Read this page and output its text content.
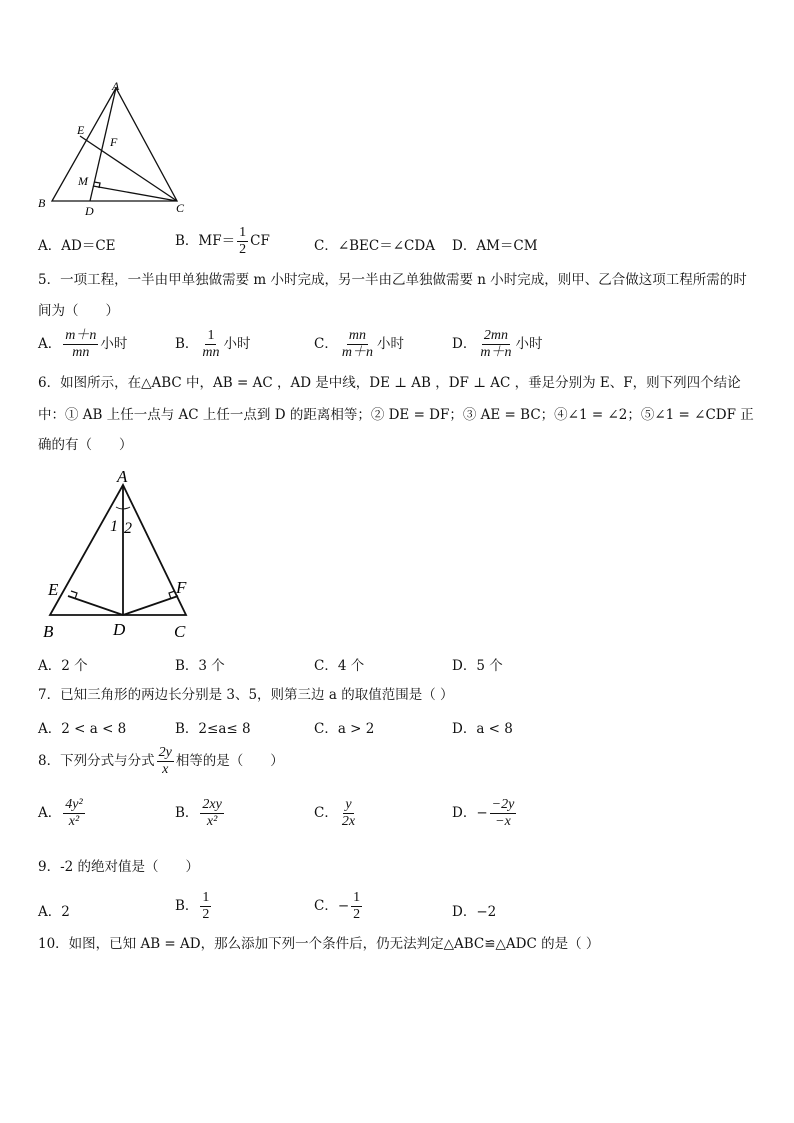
A
E
F
M
B
D	C
A．AD＝CE	B．$MF= \frac{1}{2}$ CF	C．∠BEC＝∠CDA D．AM＝CM
5．一项工程，一半由甲单独做需要 m 小时完成，另一半由乙单独做需要 n 小时完成，则甲、乙合做这项工程所需的时
间为（　　）
A． $\frac{m+n}{mn}$ 小时	B． $\frac{1}{mn}$ 小时	C． $\frac{mn}{m+n}$ 小时	D． $\frac{2mn}{m+n}$ 小时
6．如图所示，在△ABC 中，AB = AC ，AD 是中线，DE ⊥ AB ，DF ⊥ AC ，垂足分别为 E、F，则下列四个结论
中：① AB 上任一点与 AC 上任一点到 D 的距离相等；② DE = DF；③ AE = BC；④∠1 = ∠2；⑤∠1 = ∠CDF 正
确的有（　　）
A
1 2
E	F
B	D	C
A．2 个	B．3 个	C．4 个	D．5 个
7．已知三角形的两边长分别是 3、5，则第三边 a 的取值范围是（ ）
A．2 < a < 8	B．2≤a≤ 8	C．a > 2	D．a < 8
8．下列分式与分式 $\frac{2y}{x}$ 相等的是（　　）
A． $\frac{\text{4y²}}{\text{x²}}$	B． $\frac{2xy}{\text{x²}}$	C． $\frac{y}{2x}$	D．− $\frac{-2y}{-x}$
9．-2 的绝对值是（　　）
A．2	B． $\frac{1}{2}$	C．− $\frac{1}{2}$	D．−2
10．如图，已知 AB = AD，那么添加下列一个条件后，仍无法判定△ABC≌△ADC 的是（ ）
